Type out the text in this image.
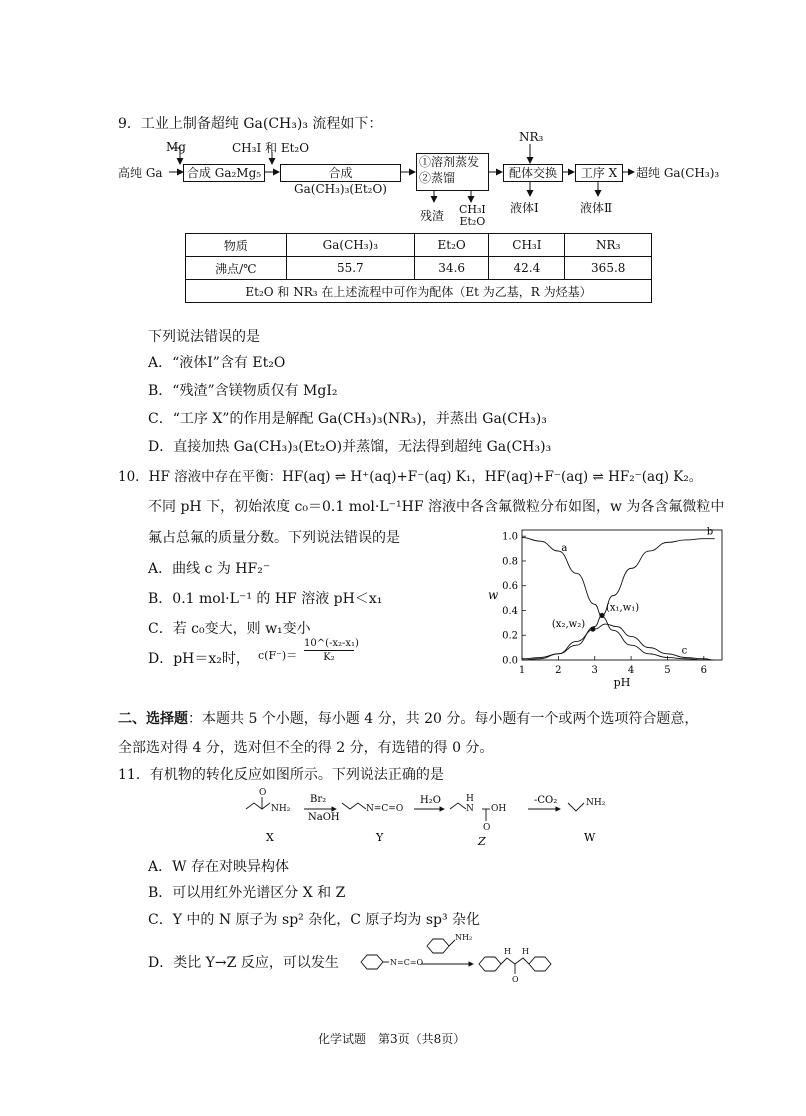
9．工业上制备超纯 Ga(CH₃)₃ 流程如下：
高纯 Ga
Mg	CH₃I 和 Et₂O
合成 Ga₂Mg₅	合成 Ga(CH₃)₃(Et₂O)
①溶剂蒸发
②蒸馏
NR₃
配体交换	工序 X	超纯 Ga(CH₃)₃
残渣 CH₃I
Et₂O
液体Ⅰ	液体Ⅱ
物质	Ga(CH₃)₃	Et₂O	CH₃I	NR₃
沸点/℃	55.7	34.6	42.4	365.8
Et₂O 和 NR₃ 在上述流程中可作为配体（Et 为乙基，R 为烃基）				
下列说法错误的是
A．“液体Ⅰ”含有 Et₂O
B．“残渣”含镁物质仅有 MgI₂
C．“工序 X”的作用是解配 Ga(CH₃)₃(NR₃)，并蒸出 Ga(CH₃)₃
D．直接加热 Ga(CH₃)₃(Et₂O)并蒸馏，无法得到超纯 Ga(CH₃)₃
10．HF 溶液中存在平衡：HF(aq) ⇌ H⁺(aq)+F⁻(aq) K₁，HF(aq)+F⁻(aq) ⇌ HF₂⁻(aq) K₂。
不同 pH 下，初始浓度 c₀＝0.1 mol·L⁻¹HF 溶液中各含氟微粒分布如图，w 为各含氟微粒中
氟占总氟的质量分数。下列说法错误的是
A．曲线 c 为 HF₂⁻
B．0.1 mol·L⁻¹ 的 HF 溶液 pH＜x₁
C．若 c₀变大，则 w₁变小
D．pH＝x₂时， c(F⁻)＝
10^(-x₂-x₁)
K₂
1	2	3	4	5	6
0.0
0.2
0.4
0.6
0.8
1.0
pH
w
a
b
c
(x₂,w₂)
(x₁,w₁)
二、选择题：本题共 5 个小题，每小题 4 分，共 20 分。每小题有一个或两个选项符合题意，
全部选对得 4 分，选对但不全的得 2 分，有选错的得 0 分。
11．有机物的转化反应如图所示。下列说法正确的是
O
NH₂	N=C=O	N
H
OH
O
NH₂
Br₂
NaOH
H₂O	-CO₂
X	Y	Z	W
A．W 存在对映异构体
B．可以用红外光谱区分 X 和 Z
C．Y 中的 N 原子为 sp² 杂化，C 原子均为 sp³ 杂化
D．类比 Y→Z 反应，可以发生	N=C=O
NH₂
H H
O
化学试题　第3页（共8页）
